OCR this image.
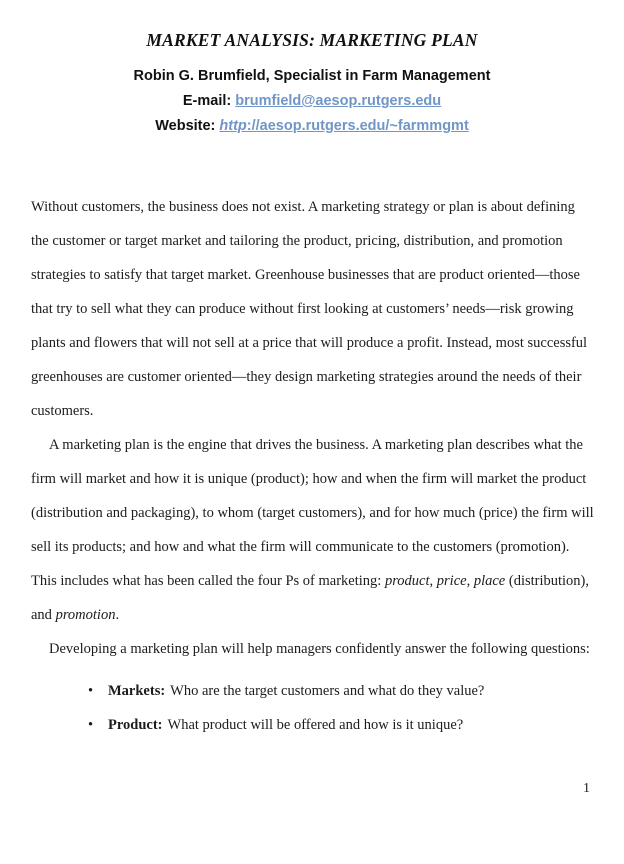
MARKET ANALYSIS: MARKETING PLAN
Robin G. Brumfield, Specialist in Farm Management
E-mail: brumfield@aesop.rutgers.edu
Website: http://aesop.rutgers.edu/~farmmgmt

Without customers, the business does not exist. A marketing strategy or plan is about defining the customer or target market and tailoring the product, pricing, distribution, and promotion strategies to satisfy that target market. Greenhouse businesses that are product oriented—those that try to sell what they can produce without first looking at customers’ needs—risk growing plants and flowers that will not sell at a price that will produce a profit. Instead, most successful greenhouses are customer oriented—they design marketing strategies around the needs of their customers.

A marketing plan is the engine that drives the business. A marketing plan describes what the firm will market and how it is unique (product); how and when the firm will market the product (distribution and packaging), to whom (target customers), and for how much (price) the firm will sell its products; and how and what the firm will communicate to the customers (promotion). This includes what has been called the four Ps of marketing: product, price, place (distribution), and promotion.

Developing a marketing plan will help managers confidently answer the following questions:

•	Markets: Who are the target customers and what do they value?
•	Product: What product will be offered and how is it unique?
1
